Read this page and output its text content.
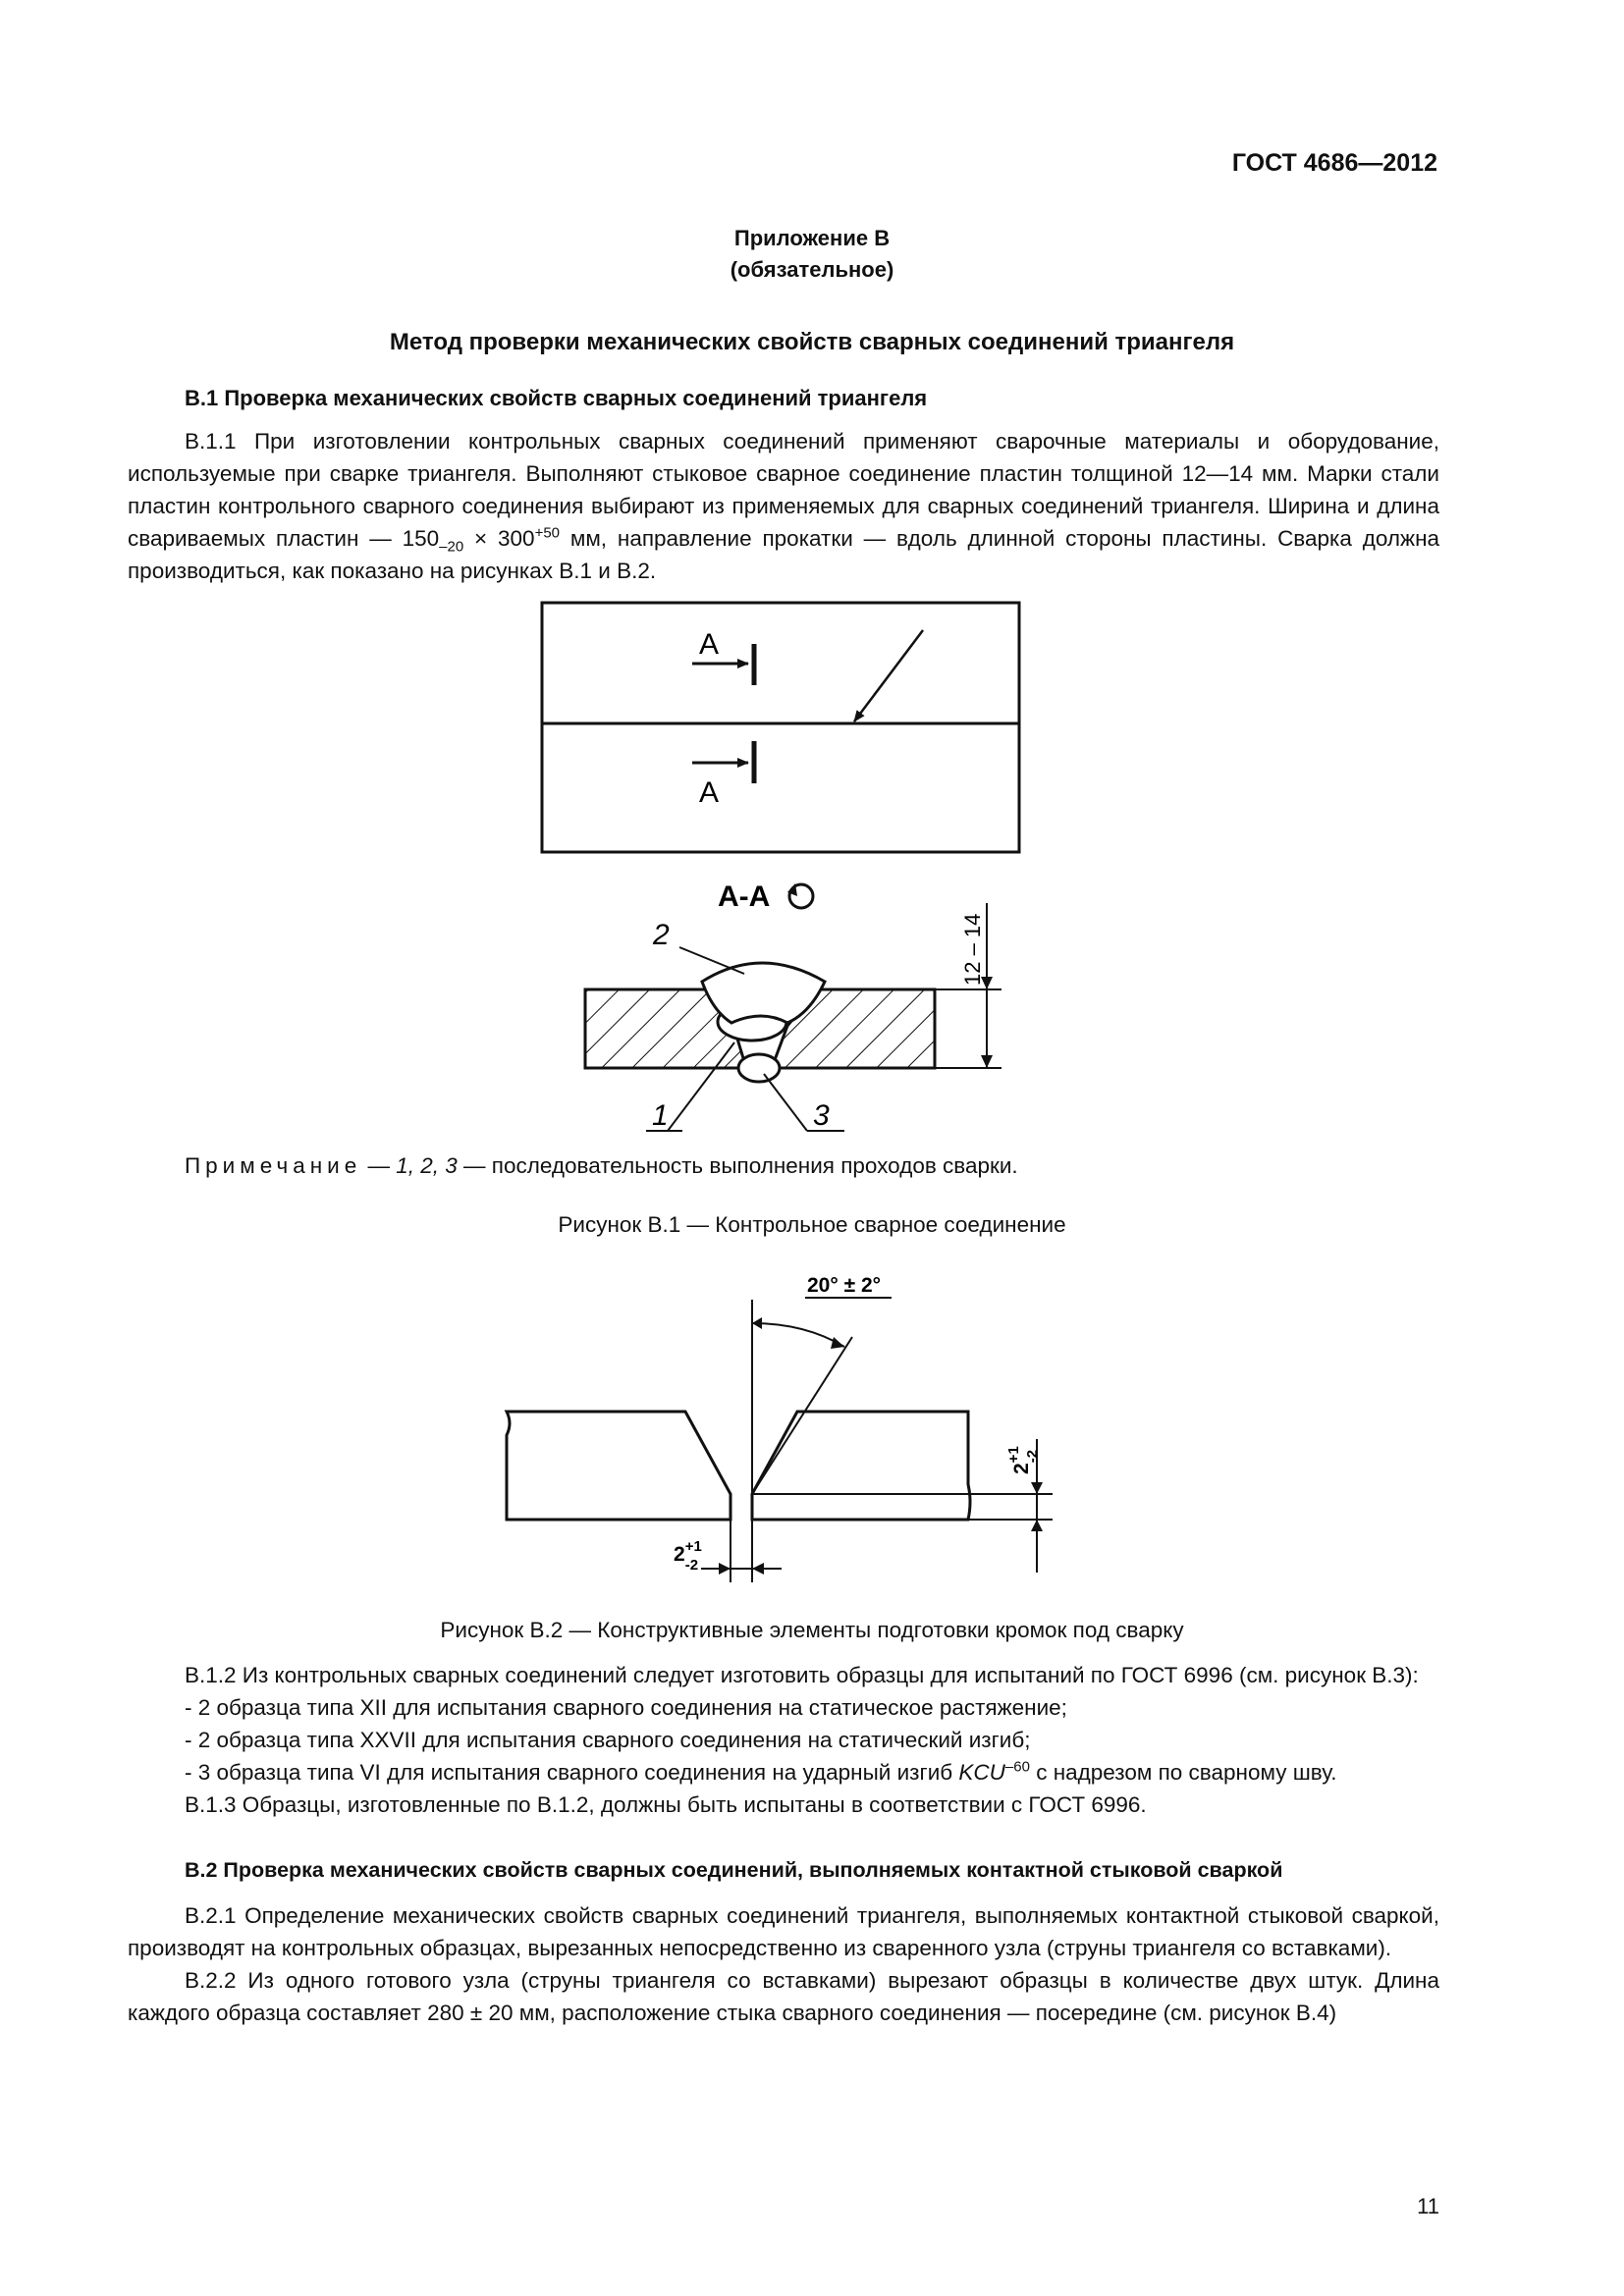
ГОСТ 4686—2012
Приложение В
(обязательное)
Метод проверки механических свойств сварных соединений триангеля
В.1 Проверка механических свойств сварных соединений триангеля

В.1.1 При изготовлении контрольных сварных соединений применяют сварочные материалы и оборудование, используемые при сварке триангеля. Выполняют стыковое сварное соединение пластин толщиной 12—14 мм. Марки стали пластин контрольного сварного соединения выбирают из применяемых для сварных соединений триангеля. Ширина и длина свариваемых пластин — $150_{-20} \times 300^{+50}$ мм, направление прокатки — вдоль длинной стороны пластины. Сварка должна производиться, как показано на рисунках В.1 и В.2.

А
А
А-А
2
1	3
12 – 14
Примечание — 1, 2, 3 — последовательность выполнения проходов сварки.
Рисунок В.1 — Контрольное сварное соединение
20° ± 2°
$2^{+1}$ -2
$2^{+1}$ -2
Рисунок В.2 — Конструктивные элементы подготовки кромок под сварку

В.1.2 Из контрольных сварных соединений следует изготовить образцы для испытаний по ГОСТ 6996 (см. рисунок В.3):

- 2 образца типа XII для испытания сварного соединения на статическое растяжение;

- 2 образца типа XXVII для испытания сварного соединения на статический изгиб;

- 3 образца типа VI для испытания сварного соединения на ударный изгиб $KCU^{-60}$ с надрезом по сварному шву.

В.1.3 Образцы, изготовленные по В.1.2, должны быть испытаны в соответствии с ГОСТ 6996.

В.2 Проверка механических свойств сварных соединений, выполняемых контактной стыковой сваркой

В.2.1 Определение механических свойств сварных соединений триангеля, выполняемых контактной стыковой сваркой, производят на контрольных образцах, вырезанных непосредственно из сваренного узла (струны триангеля со вставками).

В.2.2 Из одного готового узла (струны триангеля со вставками) вырезают образцы в количестве двух штук. Длина каждого образца составляет 280 ± 20 мм, расположение стыка сварного соединения — посередине (см. рисунок В.4)

11
